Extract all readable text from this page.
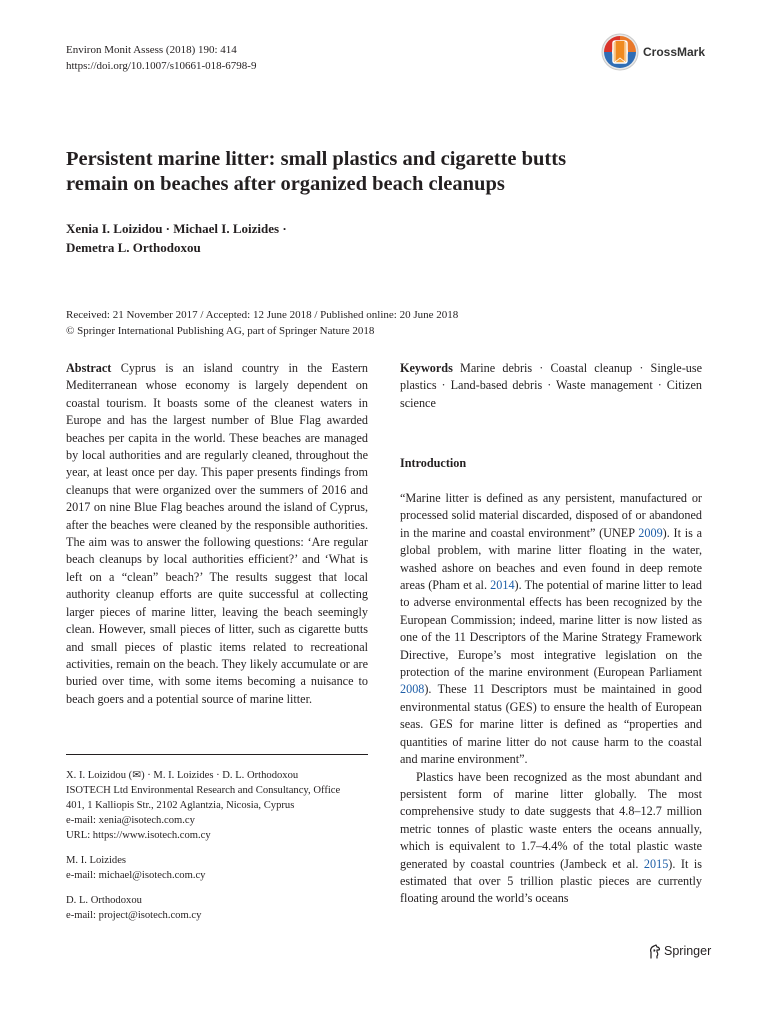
Environ Monit Assess (2018) 190: 414
https://doi.org/10.1007/s10661-018-6798-9
CrossMark
Persistent marine litter: small plastics and cigarette butts
remain on beaches after organized beach cleanups
Xenia I. Loizidou · Michael I. Loizides ·
Demetra L. Orthodoxou
Received: 21 November 2017 / Accepted: 12 June 2018 / Published online: 20 June 2018
© Springer International Publishing AG, part of Springer Nature 2018

Abstract Cyprus is an island country in the Eastern Mediterranean whose economy is largely dependent on coastal tourism. It boasts some of the cleanest waters in Europe and has the largest number of Blue Flag awarded beaches per capita in the world. These beaches are managed by local authorities and are regularly cleaned, throughout the year, at least once per day. This paper presents findings from cleanups that were organized over the summers of 2016 and 2017 on nine Blue Flag beaches around the island of Cyprus, after the beaches were cleaned by the responsible authorities. The aim was to answer the following questions: ‘Are regular beach cleanups by local authorities efficient?’ and ‘What is left on a “clean” beach?’ The results suggest that local authority cleanup efforts are quite successful at collecting larger pieces of marine litter, leaving the beach seemingly clean. However, small pieces of litter, such as cigarette butts and small pieces of plastic items related to recreational activities, remain on the beach. They likely accumulate or are buried over time, with some items becoming a nuisance to beach goers and a potential source of marine litter.

X. I. Loizidou (✉) · M. I. Loizides · D. L. Orthodoxou

ISOTECH Ltd Environmental Research and Consultancy, Office

401, 1 Kalliopis Str., 2102 Aglantzia, Nicosia, Cyprus

e-mail: xenia@isotech.com.cy

URL: https://www.isotech.com.cy

M. I. Loizides

e-mail: michael@isotech.com.cy

D. L. Orthodoxou

e-mail: project@isotech.com.cy

Keywords Marine debris · Coastal cleanup · Single-use plastics · Land-based debris · Waste management · Citizen science

Introduction

“Marine litter is defined as any persistent, manufactured or processed solid material discarded, disposed of or abandoned in the marine and coastal environment” (UNEP 2009). It is a global problem, with marine litter floating in the water, washed ashore on beaches and even found in deep remote areas (Pham et al. 2014). The potential of marine litter to lead to adverse environmental effects has been recognized by the European Commission; indeed, marine litter is now listed as one of the 11 Descriptors of the Marine Strategy Framework Directive, Europe’s most integrative legislation on the protection of the marine environment (European Parliament 2008). These 11 Descriptors must be maintained in good environmental status (GES) to ensure the health of European seas. GES for marine litter is defined as “properties and quantities of marine litter do not cause harm to the coastal and marine environment”.

Plastics have been recognized as the most abundant and persistent form of marine litter globally. The most comprehensive study to date suggests that 4.8–12.7 million metric tonnes of plastic waste enters the oceans annually, which is equivalent to 1.7–4.4% of the total plastic waste generated by coastal countries (Jambeck et al. 2015). It is estimated that over 5 trillion plastic pieces are currently floating around the world’s oceans

Springer
